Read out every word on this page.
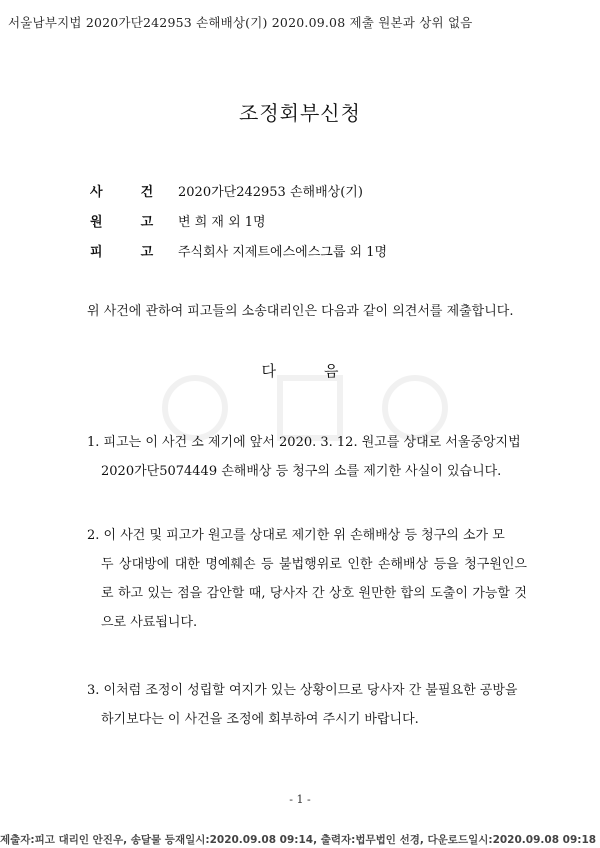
서울남부지법 2020가단242953 손해배상(기) 2020.09.08 제출 원본과 상위 없음
조정회부신청
사	건	2020가단242953 손해배상(기)
원	고	변 희 재 외 1명
피	고	주식회사 지제트에스에스그룹 외 1명
위 사건에 관하여 피고들의 소송대리인은 다음과 같이 의견서를 제출합니다.
다	음

1. 피고는 이 사건 소 제기에 앞서 2020. 3. 12. 원고를 상대로 서울중앙지법

2020가단5074449 손해배상 등 청구의 소를 제기한 사실이 있습니다.

2. 이 사건 및 피고가 원고를 상대로 제기한 위 손해배상 등 청구의 소가 모

두 상대방에 대한 명예훼손 등 불법행위로 인한 손해배상 등을 청구원인으로 하고 있는 점을 감안할 때, 당사자 간 상호 원만한 합의 도출이 가능할 것으로 사료됩니다.

3. 이처럼 조정이 성립할 여지가 있는 상황이므로 당사자 간 불필요한 공방을

하기보다는 이 사건을 조정에 회부하여 주시기 바랍니다.

- 1 -
제출자:피고 대리인 안진우, 송달물 등재일시:2020.09.08 09:14, 출력자:법무법인 선경, 다운로드일시:2020.09.08 09:18
